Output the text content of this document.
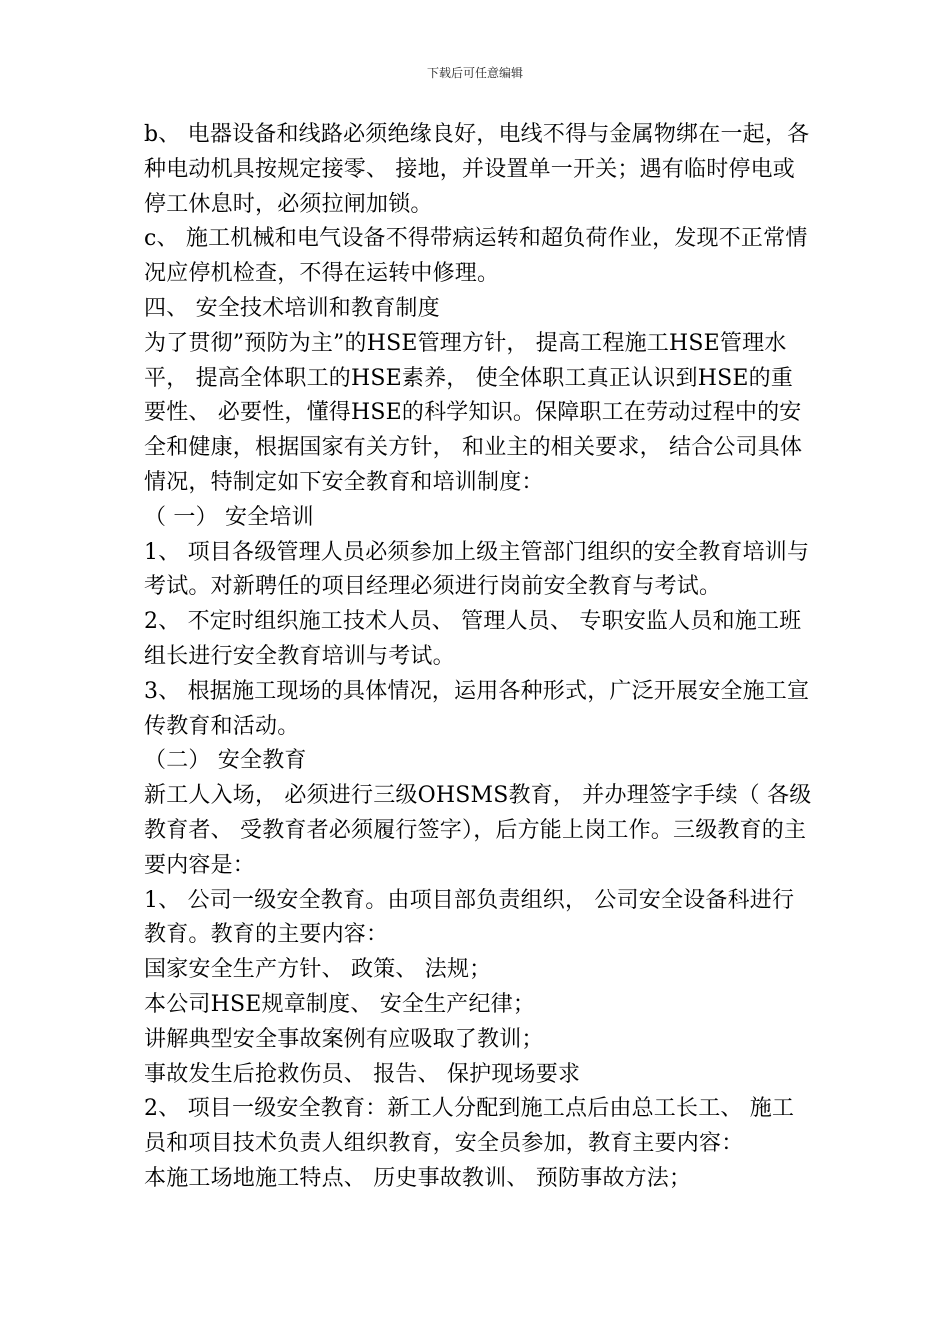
下载后可任意编辑

b、 电器设备和线路必须绝缘良好，电线不得与金属物绑在一起，各种电动机具按规定接零、 接地，并设置单一开关；遇有临时停电或停工休息时，必须拉闸加锁。

c、 施工机械和电气设备不得带病运转和超负荷作业，发现不正常情况应停机检查，不得在运转中修理。

四、 安全技术培训和教育制度

为了贯彻”预防为主”的HSE管理方针， 提高工程施工HSE管理水平， 提高全体职工的HSE素养， 使全体职工真正认识到HSE的重要性、 必要性，懂得HSE的科学知识。保障职工在劳动过程中的安全和健康，根据国家有关方针， 和业主的相关要求， 结合公司具体情况，特制定如下安全教育和培训制度：

（ 一） 安全培训

1、 项目各级管理人员必须参加上级主管部门组织的安全教育培训与考试。对新聘任的项目经理必须进行岗前安全教育与考试。

2、 不定时组织施工技术人员、 管理人员、 专职安监人员和施工班组长进行安全教育培训与考试。

3、 根据施工现场的具体情况，运用各种形式，广泛开展安全施工宣传教育和活动。

（二） 安全教育

新工人入场， 必须进行三级OHSMS教育， 并办理签字手续（ 各级教育者、 受教育者必须履行签字），后方能上岗工作。三级教育的主要内容是：

1、 公司一级安全教育。由项目部负责组织， 公司安全设备科进行教育。教育的主要内容：

国家安全生产方针、 政策、 法规；

本公司HSE规章制度、 安全生产纪律；

讲解典型安全事故案例有应吸取了教训；

事故发生后抢救伤员、 报告、 保护现场要求

2、 项目一级安全教育：新工人分配到施工点后由总工长工、 施工员和项目技术负责人组织教育，安全员参加，教育主要内容：

本施工场地施工特点、 历史事故教训、 预防事故方法；
